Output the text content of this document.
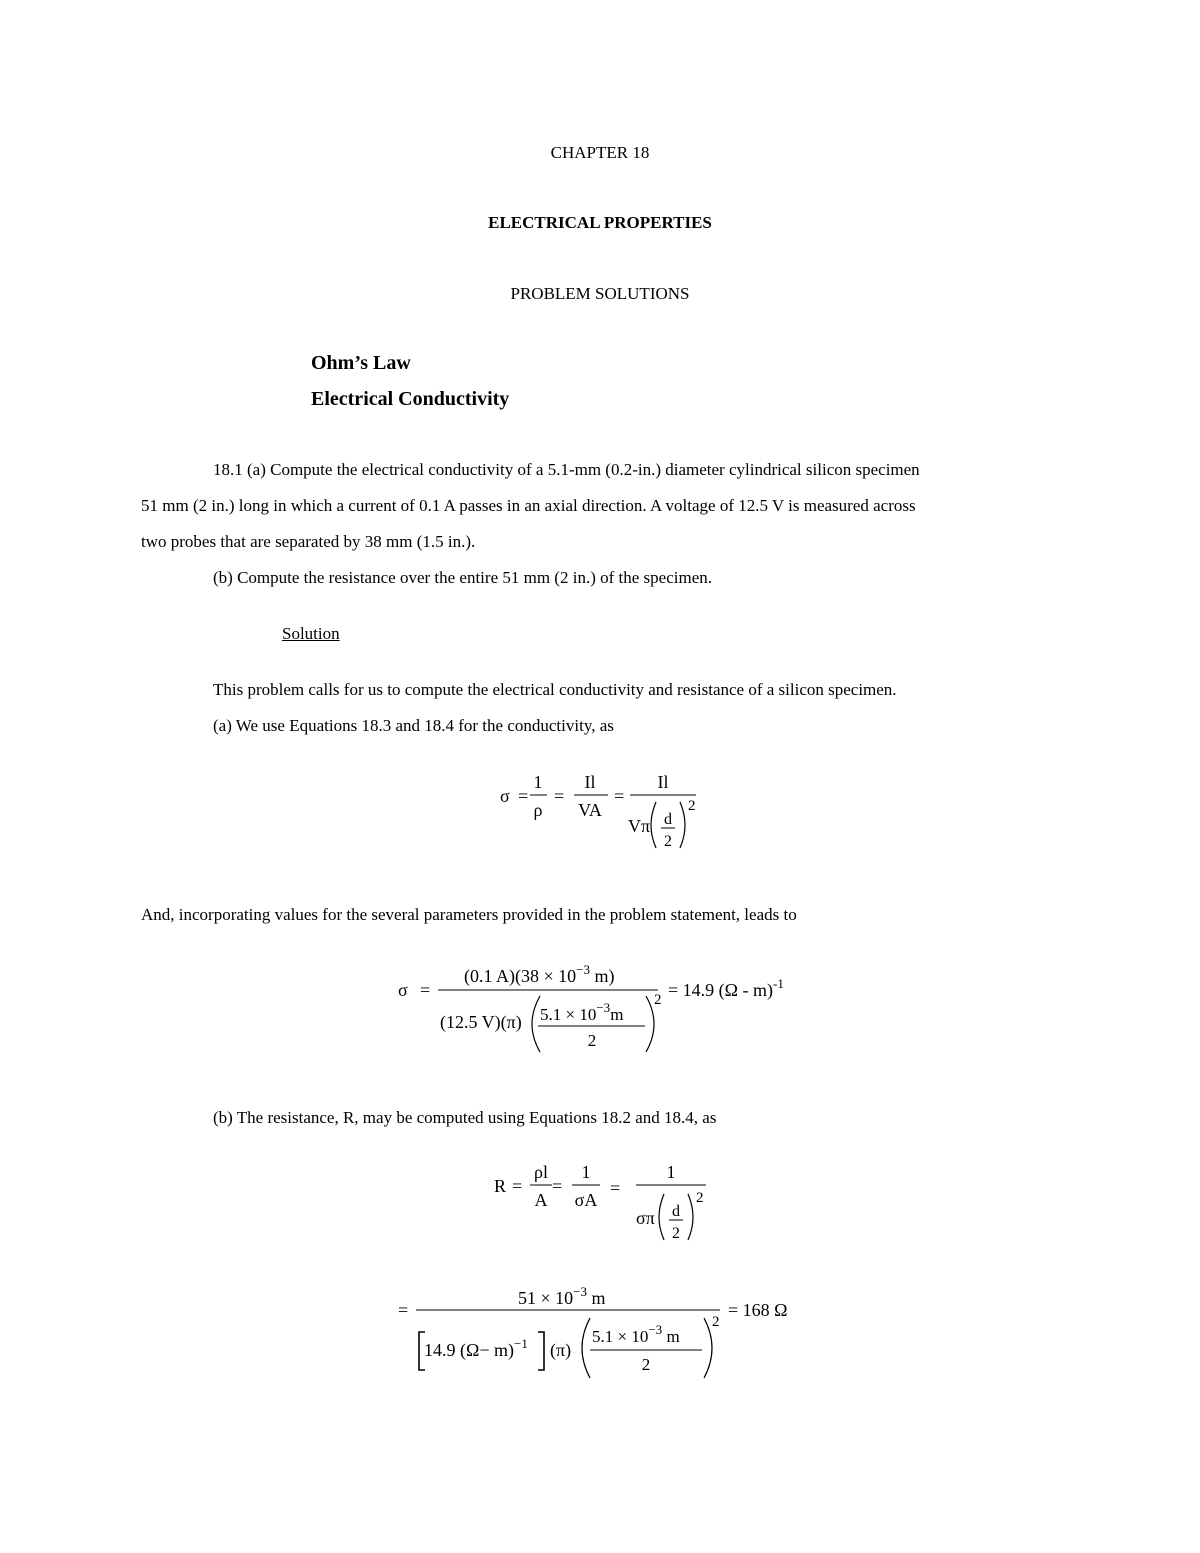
CHAPTER 18
ELECTRICAL PROPERTIES
PROBLEM SOLUTIONS
Ohm’s Law
Electrical Conductivity
18.1 (a) Compute the electrical conductivity of a 5.1-mm (0.2-in.) diameter cylindrical silicon specimen
51 mm (2 in.) long in which a current of 0.1 A passes in an axial direction. A voltage of 12.5 V is measured across
two probes that are separated by 38 mm (1.5 in.).
(b) Compute the resistance over the entire 51 mm (2 in.) of the specimen.
Solution
This problem calls for us to compute the electrical conductivity and resistance of a silicon specimen.
(a) We use Equations 18.3 and 18.4 for the conductivity, as
σ =
1
ρ
=
Il
VA
=
Il
Vπ d
2
2
And, incorporating values for the several parameters provided in the problem statement, leads to
σ =
(0.1 $A)(38 \times 10^{-3}$ m)
(12.5 V)(π) $5.1 \times 10^{-3}m$
2
2 = 14.9 (Ω - m)$^{-1}$
(b) The resistance, R, may be computed using Equations 18.2 and 18.4, as
R =
ρl
A
=
1
σA
=
1
σπ d
2
2
=
$51 \times 10^{-3}$ m
14.9 $(\Omega- m)^{-1}$ (π)
$5.1 \times 10^{-3}$ m
2
2
= 168 Ω
